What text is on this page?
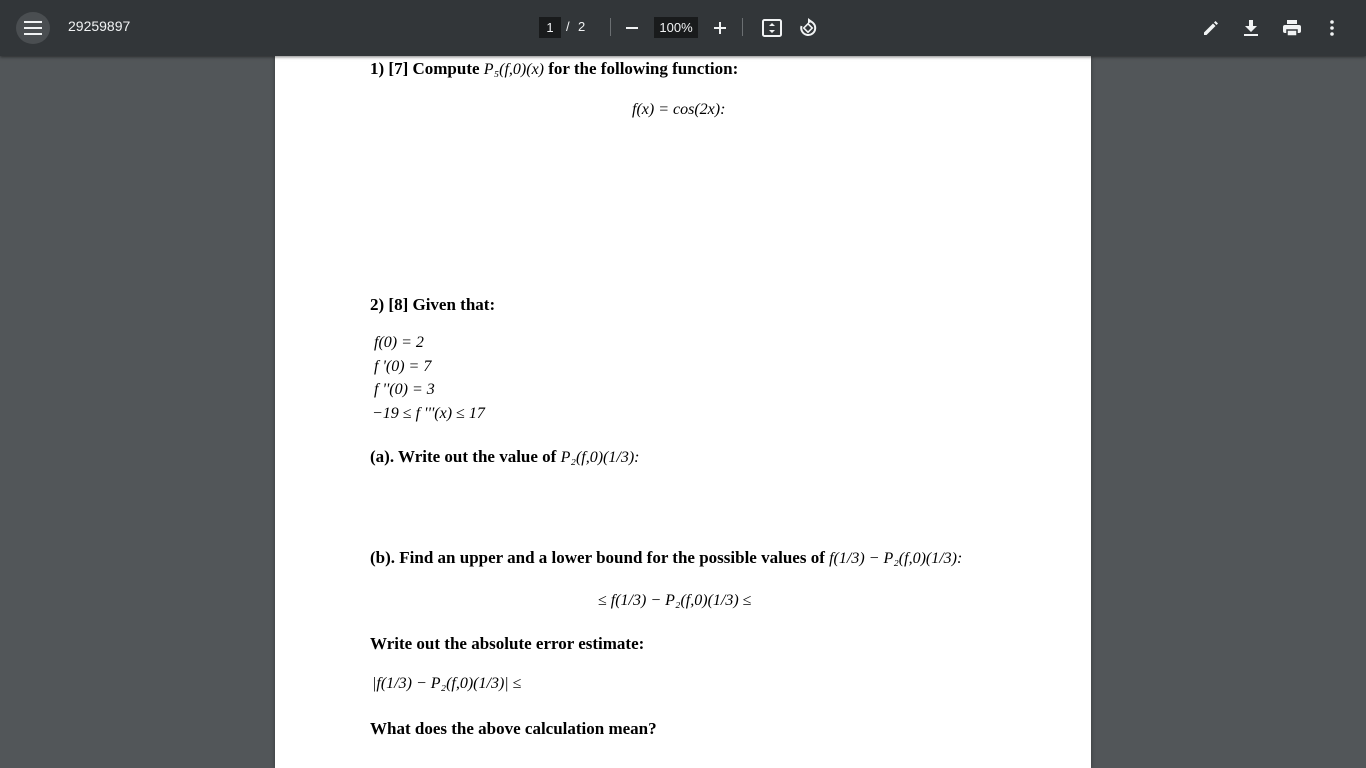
29259897	1 / 2	100%
1) [7] Compute P₅(f,0)(x) for the following function:
f(x) = cos(2x):
2) [8] Given that:
f(0) = 2
f '(0) = 7
f ''(0) = 3
−19 ≤ f '''(x) ≤ 17
(a). Write out the value of P₂(f,0)(1/3):
(b). Find an upper and a lower bound for the possible values of f(1/3) − P₂(f,0)(1/3):
≤ f(1/3) − P₂(f,0)(1/3) ≤
Write out the absolute error estimate:
|f(1/3) − P₂(f,0)(1/3)| ≤
What does the above calculation mean?
